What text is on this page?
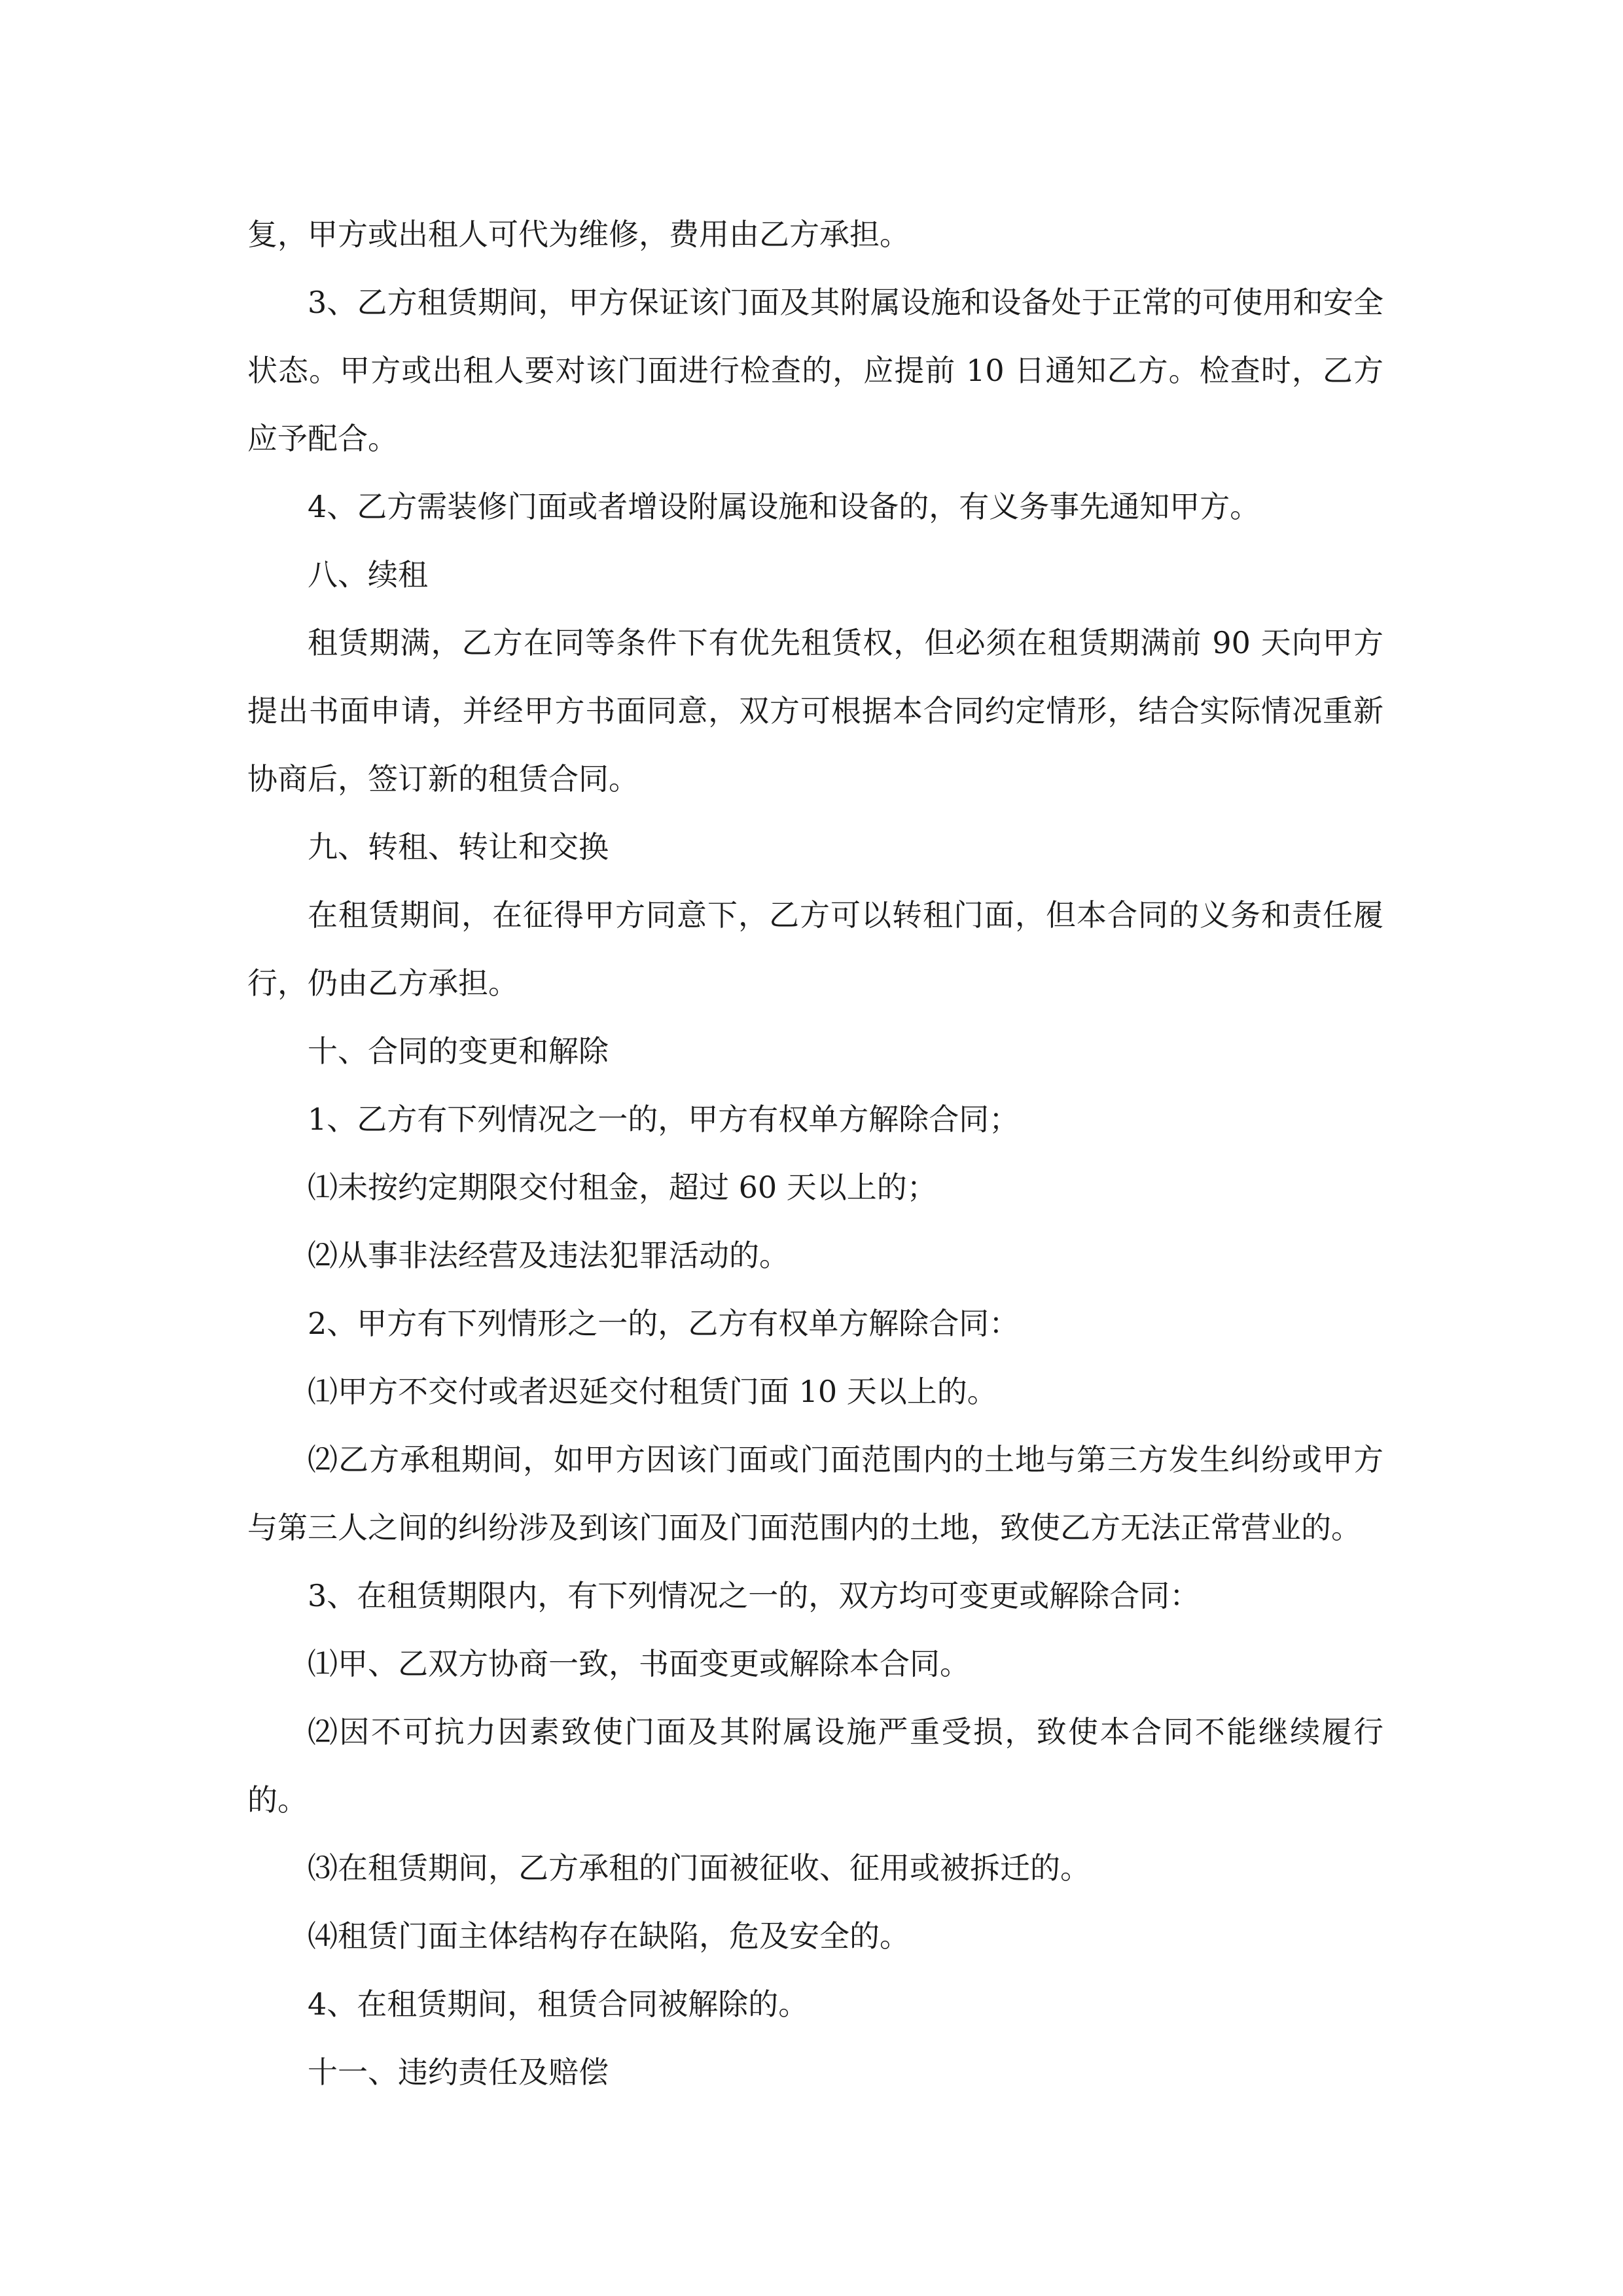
复，甲方或出租人可代为维修，费用由乙方承担。

3、乙方租赁期间，甲方保证该门面及其附属设施和设备处于正常的可使用和安全状态。甲方或出租人要对该门面进行检查的，应提前 10 日通知乙方。检查时，乙方应予配合。

4、乙方需装修门面或者增设附属设施和设备的，有义务事先通知甲方。

八、续租

租赁期满，乙方在同等条件下有优先租赁权，但必须在租赁期满前 90 天向甲方提出书面申请，并经甲方书面同意，双方可根据本合同约定情形，结合实际情况重新协商后，签订新的租赁合同。

九、转租、转让和交换

在租赁期间，在征得甲方同意下，乙方可以转租门面，但本合同的义务和责任履行，仍由乙方承担。

十、合同的变更和解除

1、乙方有下列情况之一的，甲方有权单方解除合同；

⑴未按约定期限交付租金，超过 60 天以上的；

⑵从事非法经营及违法犯罪活动的。

2、甲方有下列情形之一的，乙方有权单方解除合同：

⑴甲方不交付或者迟延交付租赁门面 10 天以上的。

⑵乙方承租期间，如甲方因该门面或门面范围内的土地与第三方发生纠纷或甲方与第三人之间的纠纷涉及到该门面及门面范围内的土地，致使乙方无法正常营业的。

3、在租赁期限内，有下列情况之一的，双方均可变更或解除合同：

⑴甲、乙双方协商一致，书面变更或解除本合同。

⑵因不可抗力因素致使门面及其附属设施严重受损，致使本合同不能继续履行的。

⑶在租赁期间，乙方承租的门面被征收、征用或被拆迁的。

⑷租赁门面主体结构存在缺陷，危及安全的。

4、在租赁期间，租赁合同被解除的。

十一、违约责任及赔偿
